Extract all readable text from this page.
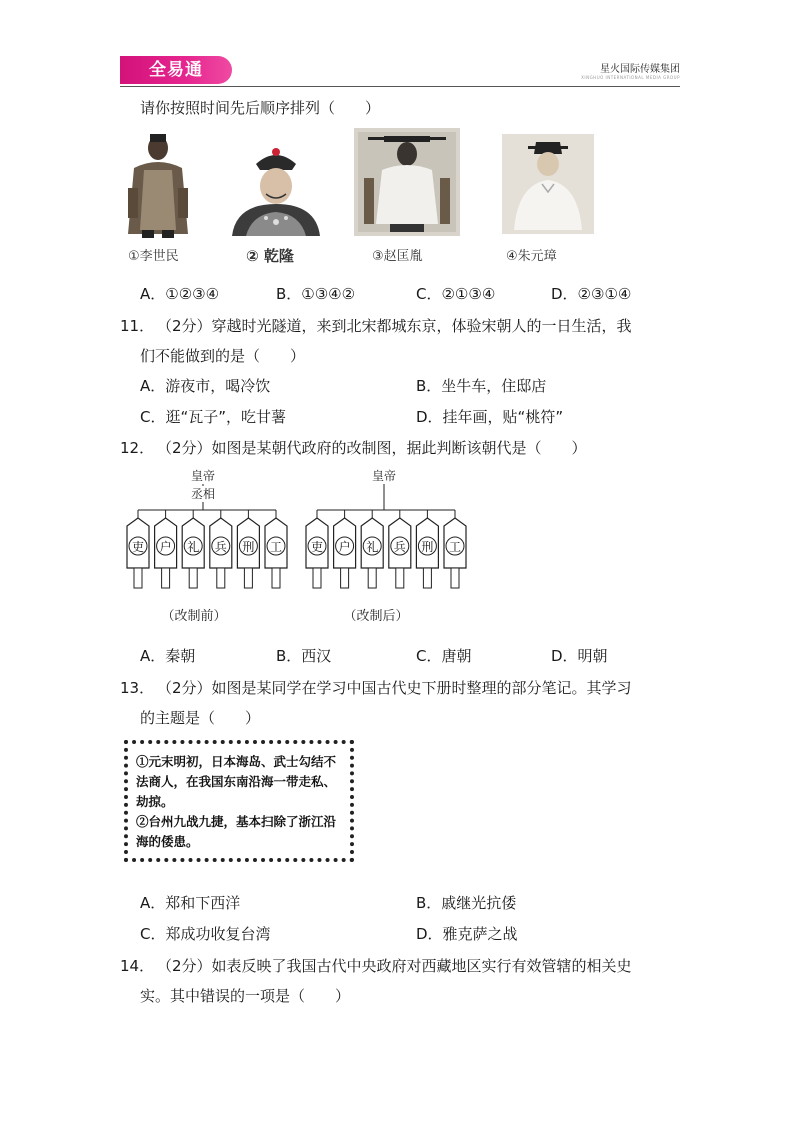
全易通	星火国际传媒集团
XINGHUO INTERNATIONAL MEDIA GROUP
请你按照时间先后顺序排列（　　）
①李世民	② 乾隆	③赵匡胤	④朱元璋
A．①②③④	B．①③④②	C．②①③④	D．②③①④
11． （2分）穿越时光隧道，来到北宋都城东京，体验宋朝人的一日生活，我
们不能做到的是（　　）
A．游夜市，喝冷饮	B．坐牛车，住邸店
C．逛“瓦子”，吃甘薯	D．挂年画，贴“桃符”
12． （2分）如图是某朝代政府的改制图，据此判断该朝代是（　　）
皇帝
丞相
皇帝
吏 户 礼 兵 刑 工 吏 户 礼 兵 刑 工
（改制前）	（改制后）
A．秦朝	B．西汉	C．唐朝	D．明朝
13． （2分）如图是某同学在学习中国古代史下册时整理的部分笔记。其学习
的主题是（　　）

①元末明初，日本海岛、武士勾结不法商人，在我国东南沿海一带走私、劫掠。

②台州九战九捷，基本扫除了浙江沿海的倭患。

A．郑和下西洋	B．戚继光抗倭
C．郑成功收复台湾	D．雅克萨之战
14． （2分）如表反映了我国古代中央政府对西藏地区实行有效管辖的相关史
实。其中错误的一项是（　　）
